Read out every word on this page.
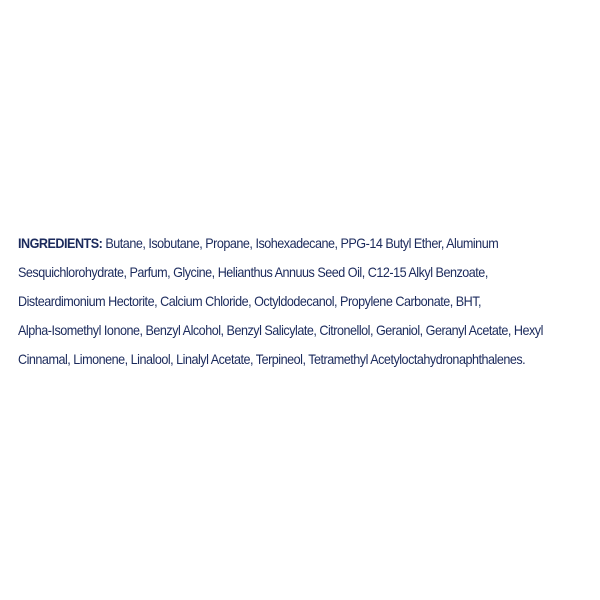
INGREDIENTS: Butane, Isobutane, Propane, Isohexadecane, PPG-14 Butyl Ether, Aluminum
Sesquichlorohydrate, Parfum, Glycine, Helianthus Annuus Seed Oil, C12-15 Alkyl Benzoate,
Disteardimonium Hectorite, Calcium Chloride, Octyldodecanol, Propylene Carbonate, BHT,
Alpha-Isomethyl Ionone, Benzyl Alcohol, Benzyl Salicylate, Citronellol, Geraniol, Geranyl Acetate, Hexyl
Cinnamal, Limonene, Linalool, Linalyl Acetate, Terpineol, Tetramethyl Acetyloctahydronaphthalenes.
